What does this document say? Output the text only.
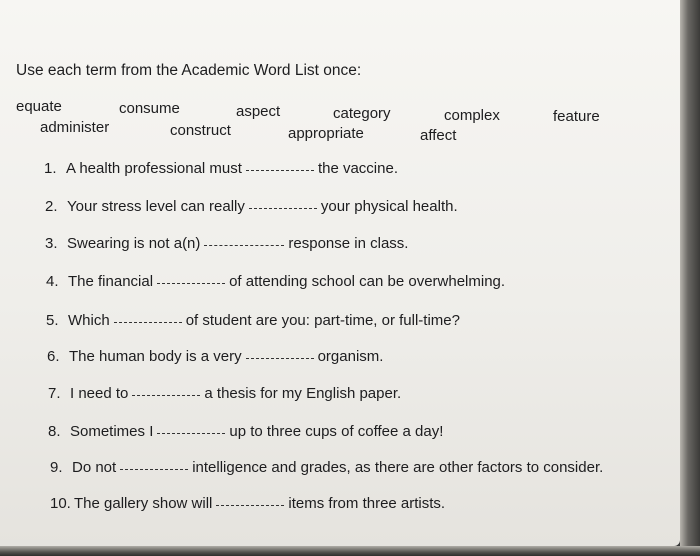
Use each term from the Academic Word List once:
equate	consume	aspect	category	complex	feature
administer	construct	appropriate	affect
1. A health professional must	the vaccine.
2. Your stress level can really	your physical health.
3. Swearing is not a(n)	response in class.
4. The financial	of attending school can be overwhelming.
5. Which	of student are you: part-time, or full-time?
6. The human body is a very	organism.
7. I need to	a thesis for my English paper.
8. Sometimes I	up to three cups of coffee a day!
9. Do not	intelligence and grades, as there are other factors to consider.
10. The gallery show will	items from three artists.
